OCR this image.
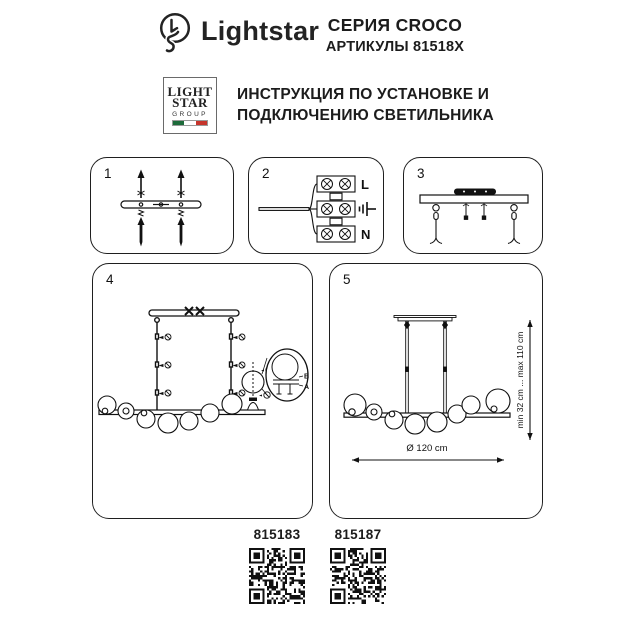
Lightstar СЕРИЯ CROCO
АРТИКУЛЫ 81518X
LIGHT
STAR
GROUP
ИНСТРУКЦИЯ ПО УСТАНОВКЕ И
ПОДКЛЮЧЕНИЮ СВЕТИЛЬНИКА
1	2
L
N
3
4
B
A
5
Ø 120 cm
min 32 cm ... max 110 cm
815183	815187
